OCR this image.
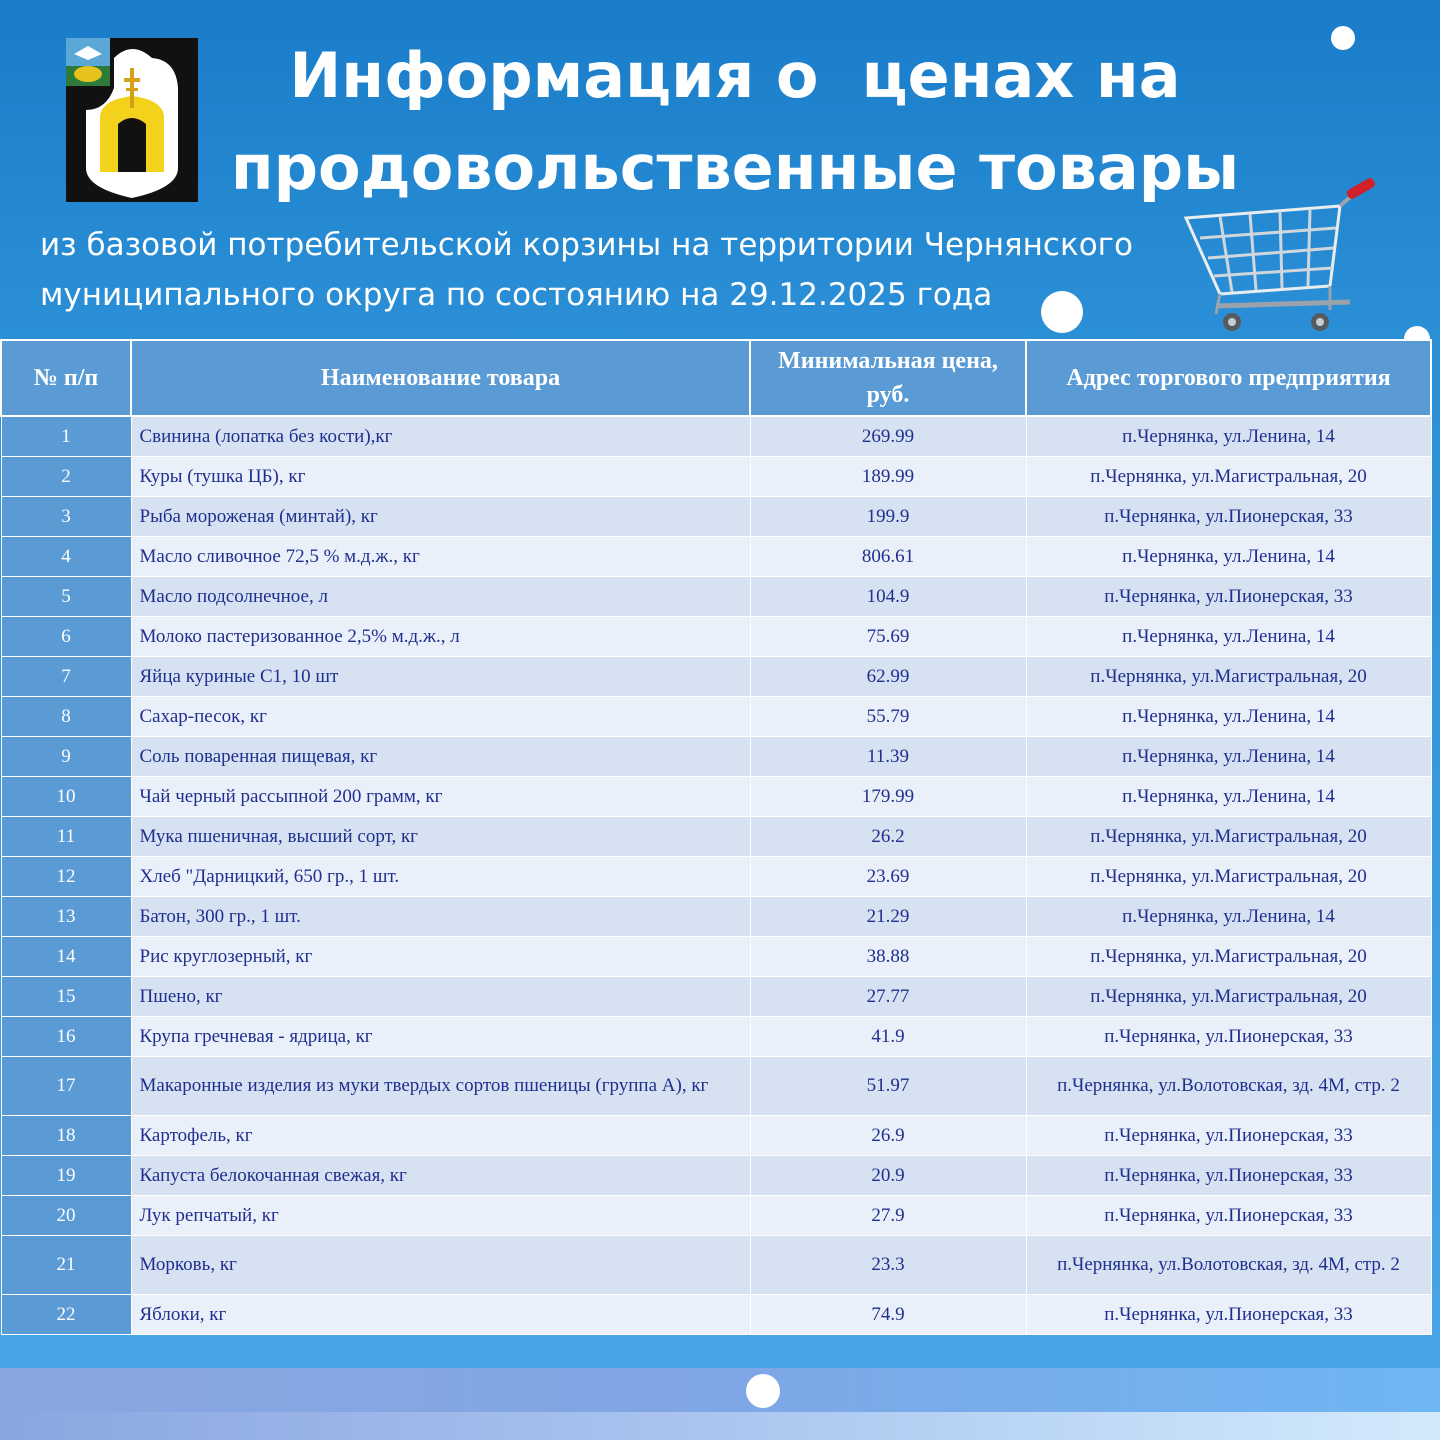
Информация о  ценах на
продовольственные товары
из базовой потребительской корзины на территории Чернянского
муниципального округа по состоянию на 29.12.2025 года
№ п/п	Наименование товара	Минимальная цена, руб.	Адрес торгового предприятия
1	Свинина (лопатка без кости),кг	269.99	п.Чернянка, ул.Ленина, 14
2	Куры (тушка ЦБ), кг	189.99	п.Чернянка, ул.Магистральная, 20
3	Рыба мороженая (минтай), кг	199.9	п.Чернянка, ул.Пионерская, 33
4	Масло сливочное 72,5 % м.д.ж., кг	806.61	п.Чернянка, ул.Ленина, 14
5	Масло подсолнечное, л	104.9	п.Чернянка, ул.Пионерская, 33
6	Молоко пастеризованное 2,5% м.д.ж., л	75.69	п.Чернянка, ул.Ленина, 14
7	Яйца куриные С1, 10 шт	62.99	п.Чернянка, ул.Магистральная, 20
8	Сахар-песок, кг	55.79	п.Чернянка, ул.Ленина, 14
9	Соль поваренная пищевая, кг	11.39	п.Чернянка, ул.Ленина, 14
10	Чай черный рассыпной 200 грамм, кг	179.99	п.Чернянка, ул.Ленина, 14
11	Мука пшеничная, высший сорт, кг	26.2	п.Чернянка, ул.Магистральная, 20
12	Хлеб "Дарницкий, 650 гр., 1 шт.	23.69	п.Чернянка, ул.Магистральная, 20
13	Батон, 300 гр., 1 шт.	21.29	п.Чернянка, ул.Ленина, 14
14	Рис круглозерный, кг	38.88	п.Чернянка, ул.Магистральная, 20
15	Пшено, кг	27.77	п.Чернянка, ул.Магистральная, 20
16	Крупа гречневая - ядрица, кг	41.9	п.Чернянка, ул.Пионерская, 33
17	Макаронные изделия из муки твердых сортов пшеницы (группа А), кг	51.97	п.Чернянка, ул.Волотовская, зд. 4М, стр. 2
18	Картофель, кг	26.9	п.Чернянка, ул.Пионерская, 33
19	Капуста белокочанная свежая, кг	20.9	п.Чернянка, ул.Пионерская, 33
20	Лук репчатый, кг	27.9	п.Чернянка, ул.Пионерская, 33
21	Морковь, кг	23.3	п.Чернянка, ул.Волотовская, зд. 4М, стр. 2
22	Яблоки, кг	74.9	п.Чернянка, ул.Пионерская, 33
